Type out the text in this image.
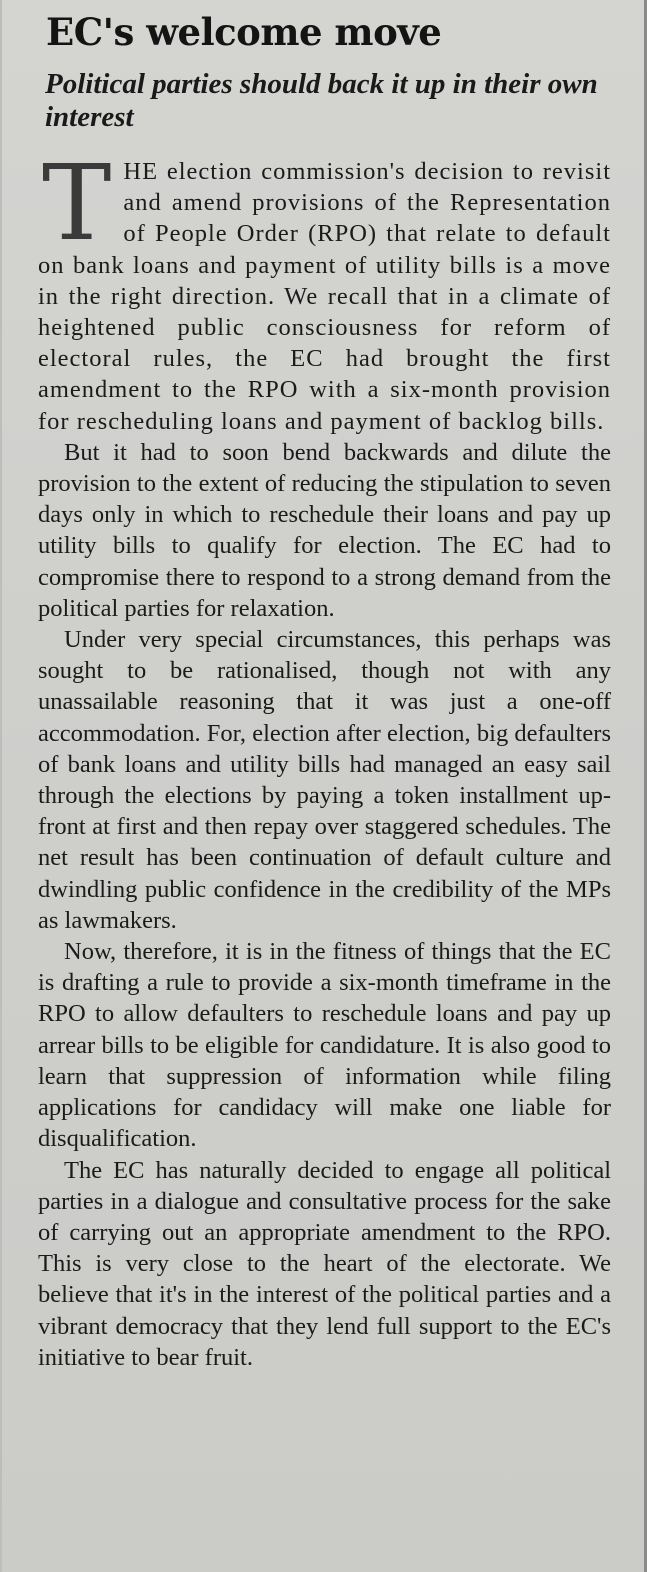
EC's welcome move
Political parties should back it up in their own interest

THE election commission's decision to revisit and amend provisions of the Representation of People Order (RPO) that relate to default on bank loans and payment of utility bills is a move in the right direction. We recall that in a climate of heightened public consciousness for reform of electoral rules, the EC had brought the first amendment to the RPO with a six-month provision for rescheduling loans and payment of backlog bills.

But it had to soon bend backwards and dilute the provision to the extent of reducing the stipulation to seven days only in which to reschedule their loans and pay up utility bills to qualify for election. The EC had to compromise there to respond to a strong demand from the political parties for relaxation.

Under very special circumstances, this perhaps was sought to be rationalised, though not with any unassailable reasoning that it was just a one-off accommodation. For, election after election, big defaulters of bank loans and utility bills had managed an easy sail through the elections by paying a token installment up-front at first and then repay over staggered schedules. The net result has been continuation of default culture and dwindling public confidence in the credibility of the MPs as lawmakers.

Now, therefore, it is in the fitness of things that the EC is drafting a rule to provide a six-month timeframe in the RPO to allow defaulters to reschedule loans and pay up arrear bills to be eligible for candidature. It is also good to learn that suppression of information while filing applications for candidacy will make one liable for disqualification.

The EC has naturally decided to engage all political parties in a dialogue and consultative process for the sake of carrying out an appropriate amendment to the RPO. This is very close to the heart of the electorate. We believe that it's in the interest of the political parties and a vibrant democracy that they lend full support to the EC's initiative to bear fruit.
